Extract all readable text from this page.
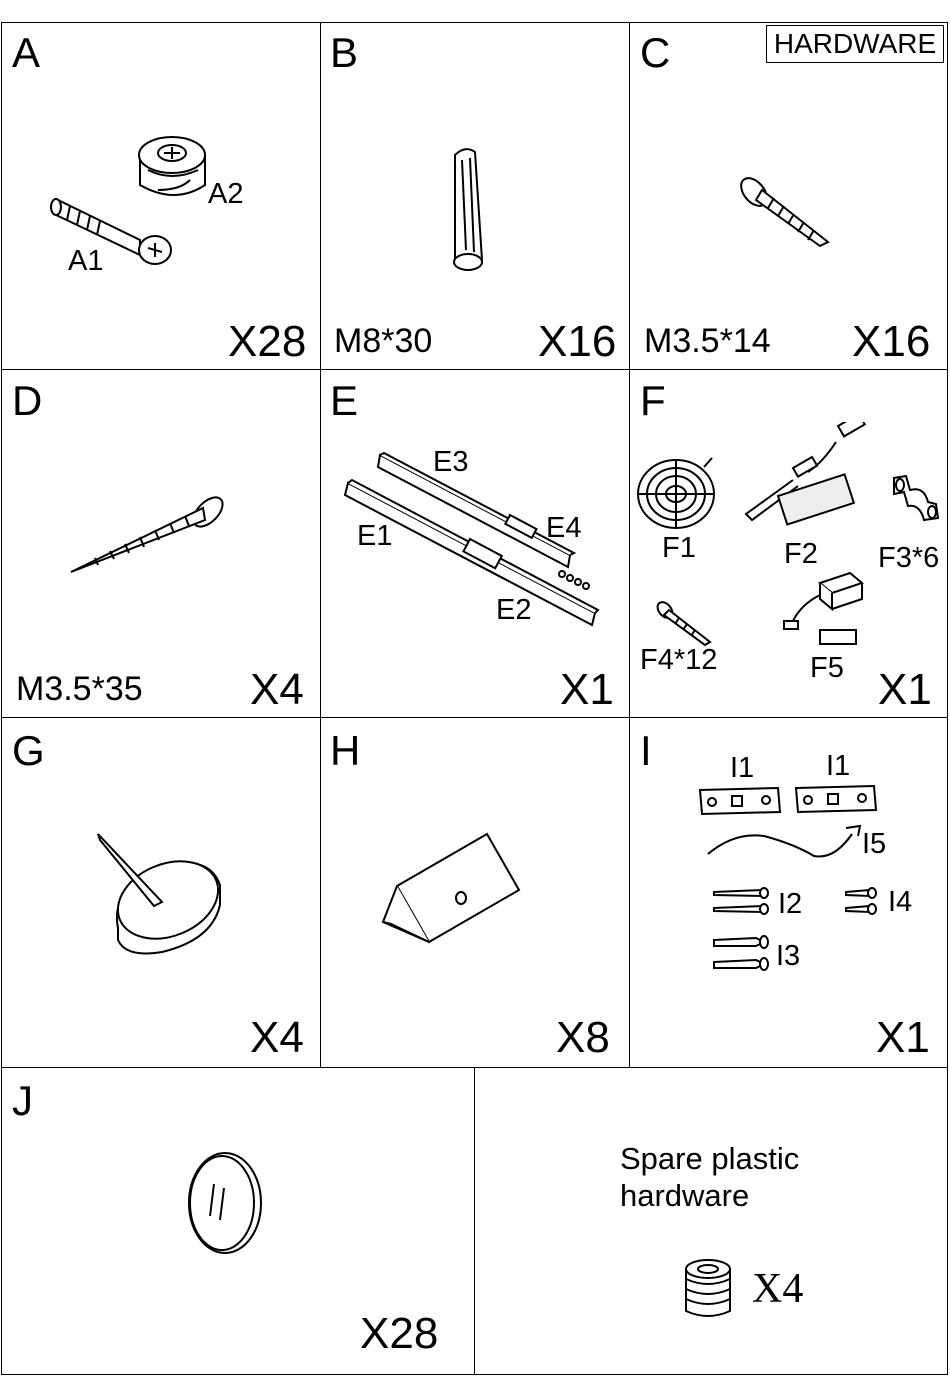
HARDWARE
A
A1
A2
X28
B
M8*30 X16
C
M3.5*14 X16
D
M3.5*35 X4
E
E1
E2
E3
E4
X1
F
F1	F2 F3*6
F4*12	F5 X1
G
X4
H
X8
I	I1 I1
I5
I2	I4
I3
X1
J
X28
Spare plastic
hardware
X4
